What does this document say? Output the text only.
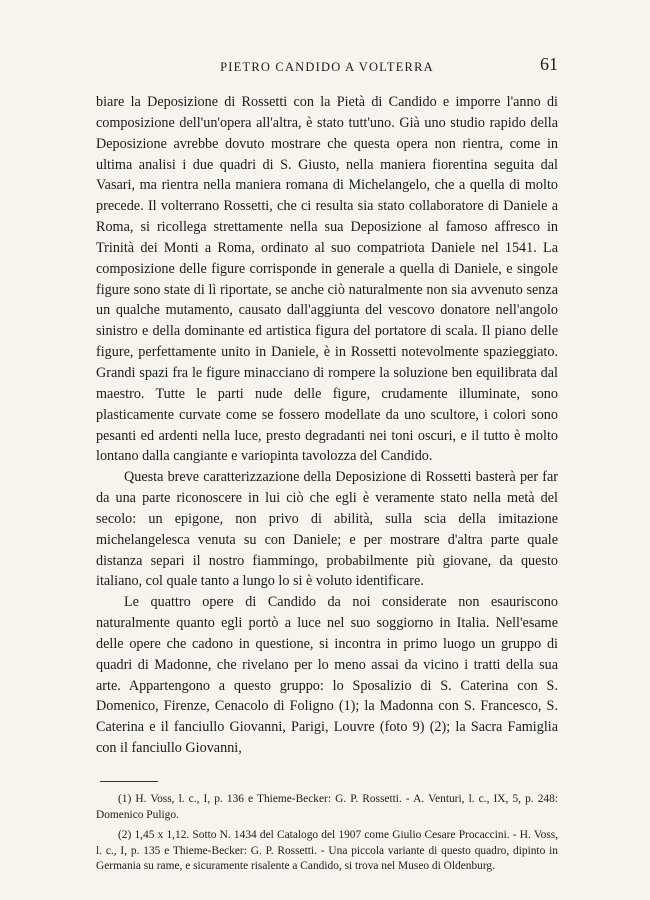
PIETRO CANDIDO A VOLTERRA	61

biare la Deposizione di Rossetti con la Pietà di Candido e imporre l'anno di composizione dell'un'opera all'altra, è stato tutt'uno. Già uno studio rapido della Deposizione avrebbe dovuto mostrare che questa opera non rientra, come in ultima analisi i due quadri di S. Giusto, nella maniera fiorentina seguita dal Vasari, ma rientra nella maniera romana di Michelangelo, che a quella di molto precede. Il volterrano Rossetti, che ci resulta sia stato collaboratore di Daniele a Roma, si ricollega strettamente nella sua Deposizione al famoso affresco in Trinità dei Monti a Roma, ordinato al suo compatriota Daniele nel 1541. La composizione delle figure corrisponde in generale a quella di Daniele, e singole figure sono state di lì riportate, se anche ciò naturalmente non sia avvenuto senza un qualche mutamento, causato dall'aggiunta del vescovo donatore nell'angolo sinistro e della dominante ed artistica figura del portatore di scala. Il piano delle figure, perfettamente unito in Daniele, è in Rossetti notevolmente spazieggiato. Grandi spazi fra le figure minacciano di rompere la soluzione ben equilibrata dal maestro. Tutte le parti nude delle figure, crudamente illuminate, sono plasticamente curvate come se fossero modellate da uno scultore, i colori sono pesanti ed ardenti nella luce, presto degradanti nei toni oscuri, e il tutto è molto lontano dalla cangiante e variopinta tavolozza del Candido.

Questa breve caratterizzazione della Deposizione di Rossetti basterà per far da una parte riconoscere in lui ciò che egli è veramente stato nella metà del secolo: un epigone, non privo di abilità, sulla scia della imitazione michelangelesca venuta su con Daniele; e per mostrare d'altra parte quale distanza separi il nostro fiammingo, probabilmente più giovane, da questo italiano, col quale tanto a lungo lo si è voluto identificare.

Le quattro opere di Candido da noi considerate non esauriscono naturalmente quanto egli portò a luce nel suo soggiorno in Italia. Nell'esame delle opere che cadono in questione, si incontra in primo luogo un gruppo di quadri di Madonne, che rivelano per lo meno assai da vicino i tratti della sua arte. Appartengono a questo gruppo: lo Sposalizio di S. Caterina con S. Domenico, Firenze, Cenacolo di Foligno (1); la Madonna con S. Francesco, S. Caterina e il fanciullo Giovanni, Parigi, Louvre (foto 9) (2); la Sacra Famiglia con il fanciullo Giovanni,

(1) H. Voss, l. c., I, p. 136 e Thieme-Becker: G. P. Rossetti. - A. Venturi, l. c., IX, 5, p. 248: Domenico Puligo.

(2) 1,45 x 1,12. Sotto N. 1434 del Catalogo del 1907 come Giulio Cesare Procaccini. - H. Voss, l. c., I, p. 135 e Thieme-Becker: G. P. Rossetti. - Una piccola variante di questo quadro, dipinto in Germania su rame, e sicuramente risalente a Candido, si trova nel Museo di Oldenburg.
